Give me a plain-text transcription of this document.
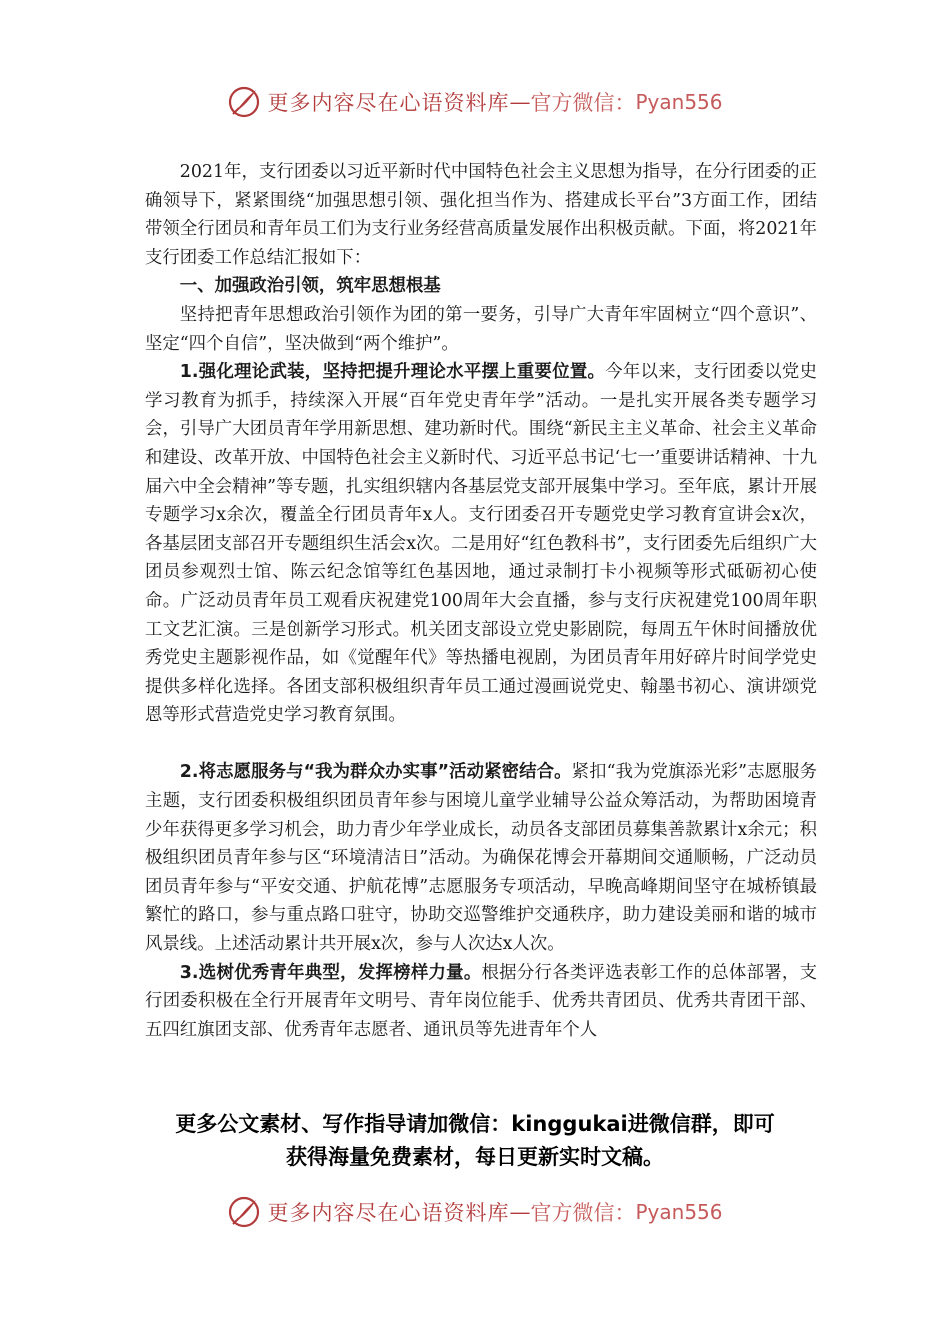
更多内容尽在心语资料库 — 官方微信： Pyan556

2021年，支行团委以习近平新时代中国特色社会主义思想为指导，在分行团委的正确领导下，紧紧围绕“加强思想引领、强化担当作为、搭建成长平台”3方面工作，团结带领全行团员和青年员工们为支行业务经营高质量发展作出积极贡献。下面，将2021年支行团委工作总结汇报如下：

一、加强政治引领，筑牢思想根基

坚持把青年思想政治引领作为团的第一要务，引导广大青年牢固树立“四个意识”、坚定“四个自信”，坚决做到“两个维护”。

1.强化理论武装，坚持把提升理论水平摆上重要位置。今年以来，支行团委以党史学习教育为抓手，持续深入开展“百年党史青年学”活动。一是扎实开展各类专题学习会，引导广大团员青年学用新思想、建功新时代。围绕“新民主主义革命、社会主义革命和建设、改革开放、中国特色社会主义新时代、习近平总书记‘七一’重要讲话精神、十九届六中全会精神”等专题，扎实组织辖内各基层党支部开展集中学习。至年底，累计开展专题学习x余次，覆盖全行团员青年x人。支行团委召开专题党史学习教育宣讲会x次，各基层团支部召开专题组织生活会x次。二是用好“红色教科书”，支行团委先后组织广大团员参观烈士馆、陈云纪念馆等红色基因地，通过录制打卡小视频等形式砥砺初心使命。广泛动员青年员工观看庆祝建党100周年大会直播，参与支行庆祝建党100周年职工文艺汇演。三是创新学习形式。机关团支部设立党史影剧院，每周五午休时间播放优秀党史主题影视作品，如《觉醒年代》等热播电视剧，为团员青年用好碎片时间学党史提供多样化选择。各团支部积极组织青年员工通过漫画说党史、翰墨书初心、演讲颂党恩等形式营造党史学习教育氛围。

2.将志愿服务与“我为群众办实事”活动紧密结合。紧扣“我为党旗添光彩”志愿服务主题，支行团委积极组织团员青年参与困境儿童学业辅导公益众筹活动，为帮助困境青少年获得更多学习机会，助力青少年学业成长，动员各支部团员募集善款累计x余元；积极组织团员青年参与区“环境清洁日”活动。为确保花博会开幕期间交通顺畅，广泛动员团员青年参与“平安交通、护航花博”志愿服务专项活动，早晚高峰期间坚守在城桥镇最繁忙的路口，参与重点路口驻守，协助交巡警维护交通秩序，助力建设美丽和谐的城市风景线。上述活动累计共开展x次，参与人次达x人次。

3.选树优秀青年典型，发挥榜样力量。根据分行各类评选表彰工作的总体部署，支行团委积极在全行开展青年文明号、青年岗位能手、优秀共青团员、优秀共青团干部、五四红旗团支部、优秀青年志愿者、通讯员等先进青年个人

更多公文素材、写作指导请加微信：kinggukai进微信群，即可
获得海量免费素材，每日更新实时文稿。
更多内容尽在心语资料库 — 官方微信： Pyan556
